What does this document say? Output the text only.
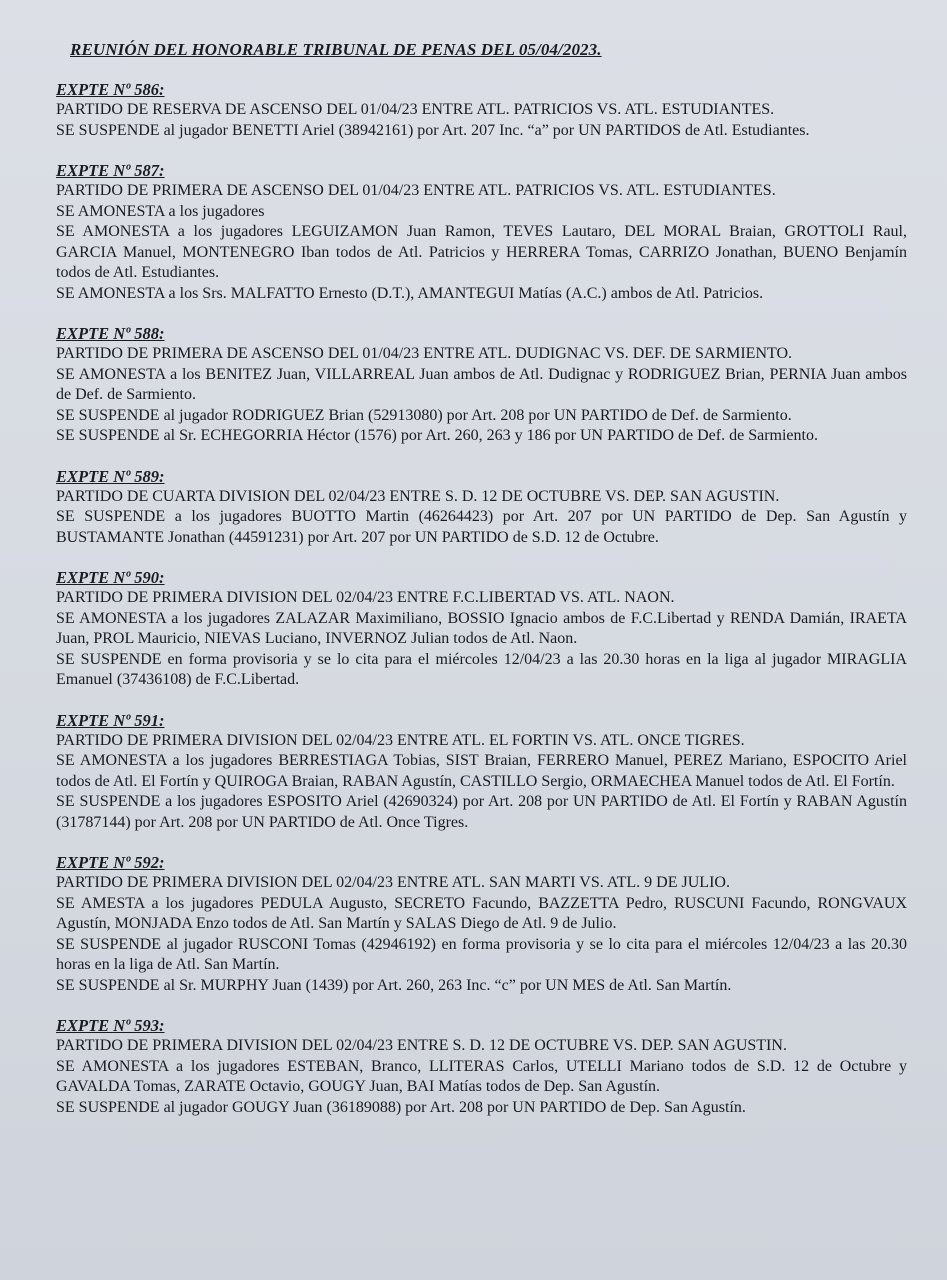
REUNIÓN DEL HONORABLE TRIBUNAL DE PENAS DEL 05/04/2023.
EXPTE Nº 586:

PARTIDO DE RESERVA DE ASCENSO DEL 01/04/23 ENTRE ATL. PATRICIOS VS. ATL. ESTUDIANTES.

SE SUSPENDE al jugador BENETTI Ariel (38942161) por Art. 207 Inc. “a” por UN PARTIDOS de Atl. Estudiantes.

EXPTE Nº 587:

PARTIDO DE PRIMERA DE ASCENSO DEL 01/04/23 ENTRE ATL. PATRICIOS VS. ATL. ESTUDIANTES.

SE AMONESTA a los jugadores

SE AMONESTA a los jugadores LEGUIZAMON Juan Ramon, TEVES Lautaro, DEL MORAL Braian, GROTTOLI Raul, GARCIA Manuel, MONTENEGRO Iban todos de Atl. Patricios y HERRERA Tomas, CARRIZO Jonathan, BUENO Benjamín todos de Atl. Estudiantes.

SE AMONESTA a los Srs. MALFATTO Ernesto (D.T.), AMANTEGUI Matías (A.C.) ambos de Atl. Patricios.

EXPTE Nº 588:

PARTIDO DE PRIMERA DE ASCENSO DEL 01/04/23 ENTRE ATL. DUDIGNAC VS. DEF. DE SARMIENTO.

SE AMONESTA a los BENITEZ Juan, VILLARREAL Juan ambos de Atl. Dudignac y RODRIGUEZ Brian, PERNIA Juan ambos de Def. de Sarmiento.

SE SUSPENDE al jugador RODRIGUEZ Brian (52913080) por Art. 208 por UN PARTIDO de Def. de Sarmiento.

SE SUSPENDE al Sr. ECHEGORRIA Héctor (1576) por Art. 260, 263 y 186 por UN PARTIDO de Def. de Sarmiento.

EXPTE Nº 589:

PARTIDO DE CUARTA DIVISION DEL 02/04/23 ENTRE S. D. 12 DE OCTUBRE VS. DEP. SAN AGUSTIN.

SE SUSPENDE a los jugadores BUOTTO Martin (46264423) por Art. 207 por UN PARTIDO de Dep. San Agustín y BUSTAMANTE Jonathan (44591231) por Art. 207 por UN PARTIDO de S.D. 12 de Octubre.

EXPTE Nº 590:

PARTIDO DE PRIMERA DIVISION DEL 02/04/23 ENTRE F.C.LIBERTAD VS. ATL. NAON.

SE AMONESTA a los jugadores ZALAZAR Maximiliano, BOSSIO Ignacio ambos de F.C.Libertad y RENDA Damián, IRAETA Juan, PROL Mauricio, NIEVAS Luciano, INVERNOZ Julian todos de Atl. Naon.

SE SUSPENDE en forma provisoria y se lo cita para el miércoles 12/04/23 a las 20.30 horas en la liga al jugador MIRAGLIA Emanuel (37436108) de F.C.Libertad.

EXPTE Nº 591:

PARTIDO DE PRIMERA DIVISION DEL 02/04/23 ENTRE ATL. EL FORTIN VS. ATL. ONCE TIGRES.

SE AMONESTA a los jugadores BERRESTIAGA Tobias, SIST Braian, FERRERO Manuel, PEREZ Mariano, ESPOCITO Ariel todos de Atl. El Fortín y QUIROGA Braian, RABAN Agustín, CASTILLO Sergio, ORMAECHEA Manuel todos de Atl. El Fortín.

SE SUSPENDE a los jugadores ESPOSITO Ariel (42690324) por Art. 208 por UN PARTIDO de Atl. El Fortín y RABAN Agustín (31787144) por Art. 208 por UN PARTIDO de Atl. Once Tigres.

EXPTE Nº 592:

PARTIDO DE PRIMERA DIVISION DEL 02/04/23 ENTRE ATL. SAN MARTI VS. ATL. 9 DE JULIO.

SE AMESTA a los jugadores PEDULA Augusto, SECRETO Facundo, BAZZETTA Pedro, RUSCUNI Facundo, RONGVAUX Agustín, MONJADA Enzo todos de Atl. San Martín y SALAS Diego de Atl. 9 de Julio.

SE SUSPENDE al jugador RUSCONI Tomas (42946192) en forma provisoria y se lo cita para el miércoles 12/04/23 a las 20.30 horas en la liga de Atl. San Martín.

SE SUSPENDE al Sr. MURPHY Juan (1439) por Art. 260, 263 Inc. “c” por UN MES de Atl. San Martín.

EXPTE Nº 593:

PARTIDO DE PRIMERA DIVISION DEL 02/04/23 ENTRE S. D. 12 DE OCTUBRE VS. DEP. SAN AGUSTIN.

SE AMONESTA a los jugadores ESTEBAN, Branco, LLITERAS Carlos, UTELLI Mariano todos de S.D. 12 de Octubre y GAVALDA Tomas, ZARATE Octavio, GOUGY Juan, BAI Matías todos de Dep. San Agustín.

SE SUSPENDE al jugador GOUGY Juan (36189088) por Art. 208 por UN PARTIDO de Dep. San Agustín.
